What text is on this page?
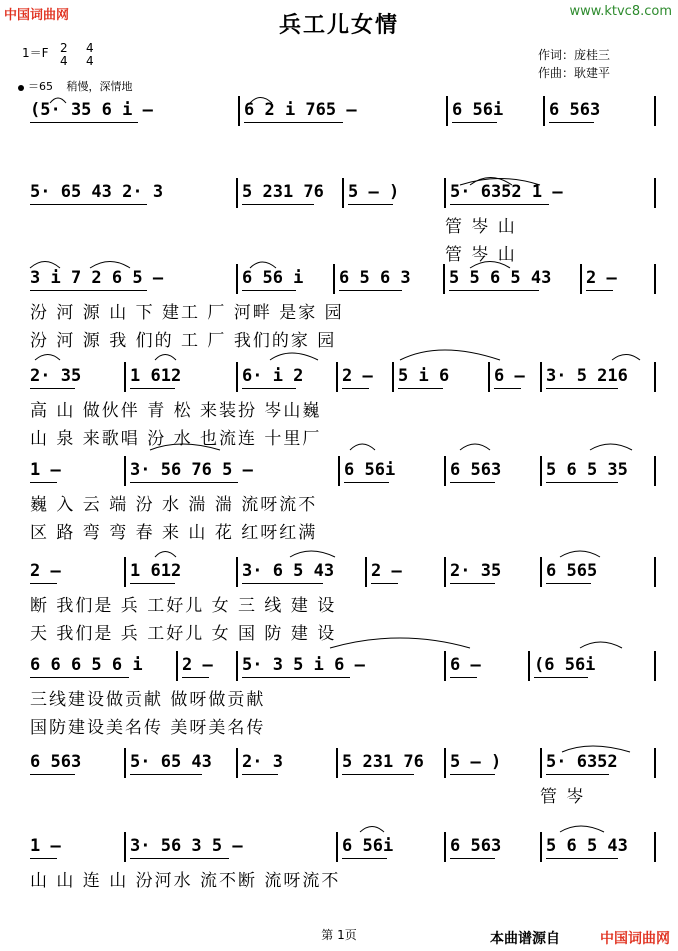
中国词曲网	www.ktvc8.com
兵工儿女情
1＝F 2
4
4
4
＝65 稍慢，深情地
作词：庞桂三
作曲：耿建平
第 1页	本曲谱源自	中国词曲网
(5· 35 6 i –	6 2 i 765 –	6 56i	6 563
5· 65 43 2· 3	5 231 76 5 – )	5· 6352 1 –
管 岑 山
管 岑 山
3 i 7 2 6 5 –	6 56 i 6 5 6 3 5 5 6 5 43 2 –
汾 河 源 山 下 建工 厂 河畔 是家 园
汾 河 源 我 们的 工 厂 我们的家 园
2· 35	1 612	6· i 2 2 – 5 i 6	6 – 3· 5 216
高 山 做伙伴 青 松 来装扮 岑山巍
山 泉 来歌唱 汾 水 也流连 十里厂
1 –	3· 56 76 5 –	6 56i	6 563	5 6 5 35
巍 入 云 端 汾 水 湍 湍 流呀流不
区 路 弯 弯 春 来 山 花 红呀红满
2 –	1 612	3· 6 5 43 2 –	2· 35	6 565
断 我们是 兵 工好儿 女 三 线 建 设
天 我们是 兵 工好儿 女 国 防 建 设
6 6 6 5 6 i 2 – 5· 3 5 i 6 –	6 –	(6 56i
三线建设做贡献 做呀做贡献
国防建设美名传 美呀美名传
6 563	5· 65 43 2· 3	5 231 76 5 – )	5· 6352
管 岑
1 –	3· 56 3 5 –	6 56i	6 563	5 6 5 43
山 山 连 山 汾河水 流不断 流呀流不
